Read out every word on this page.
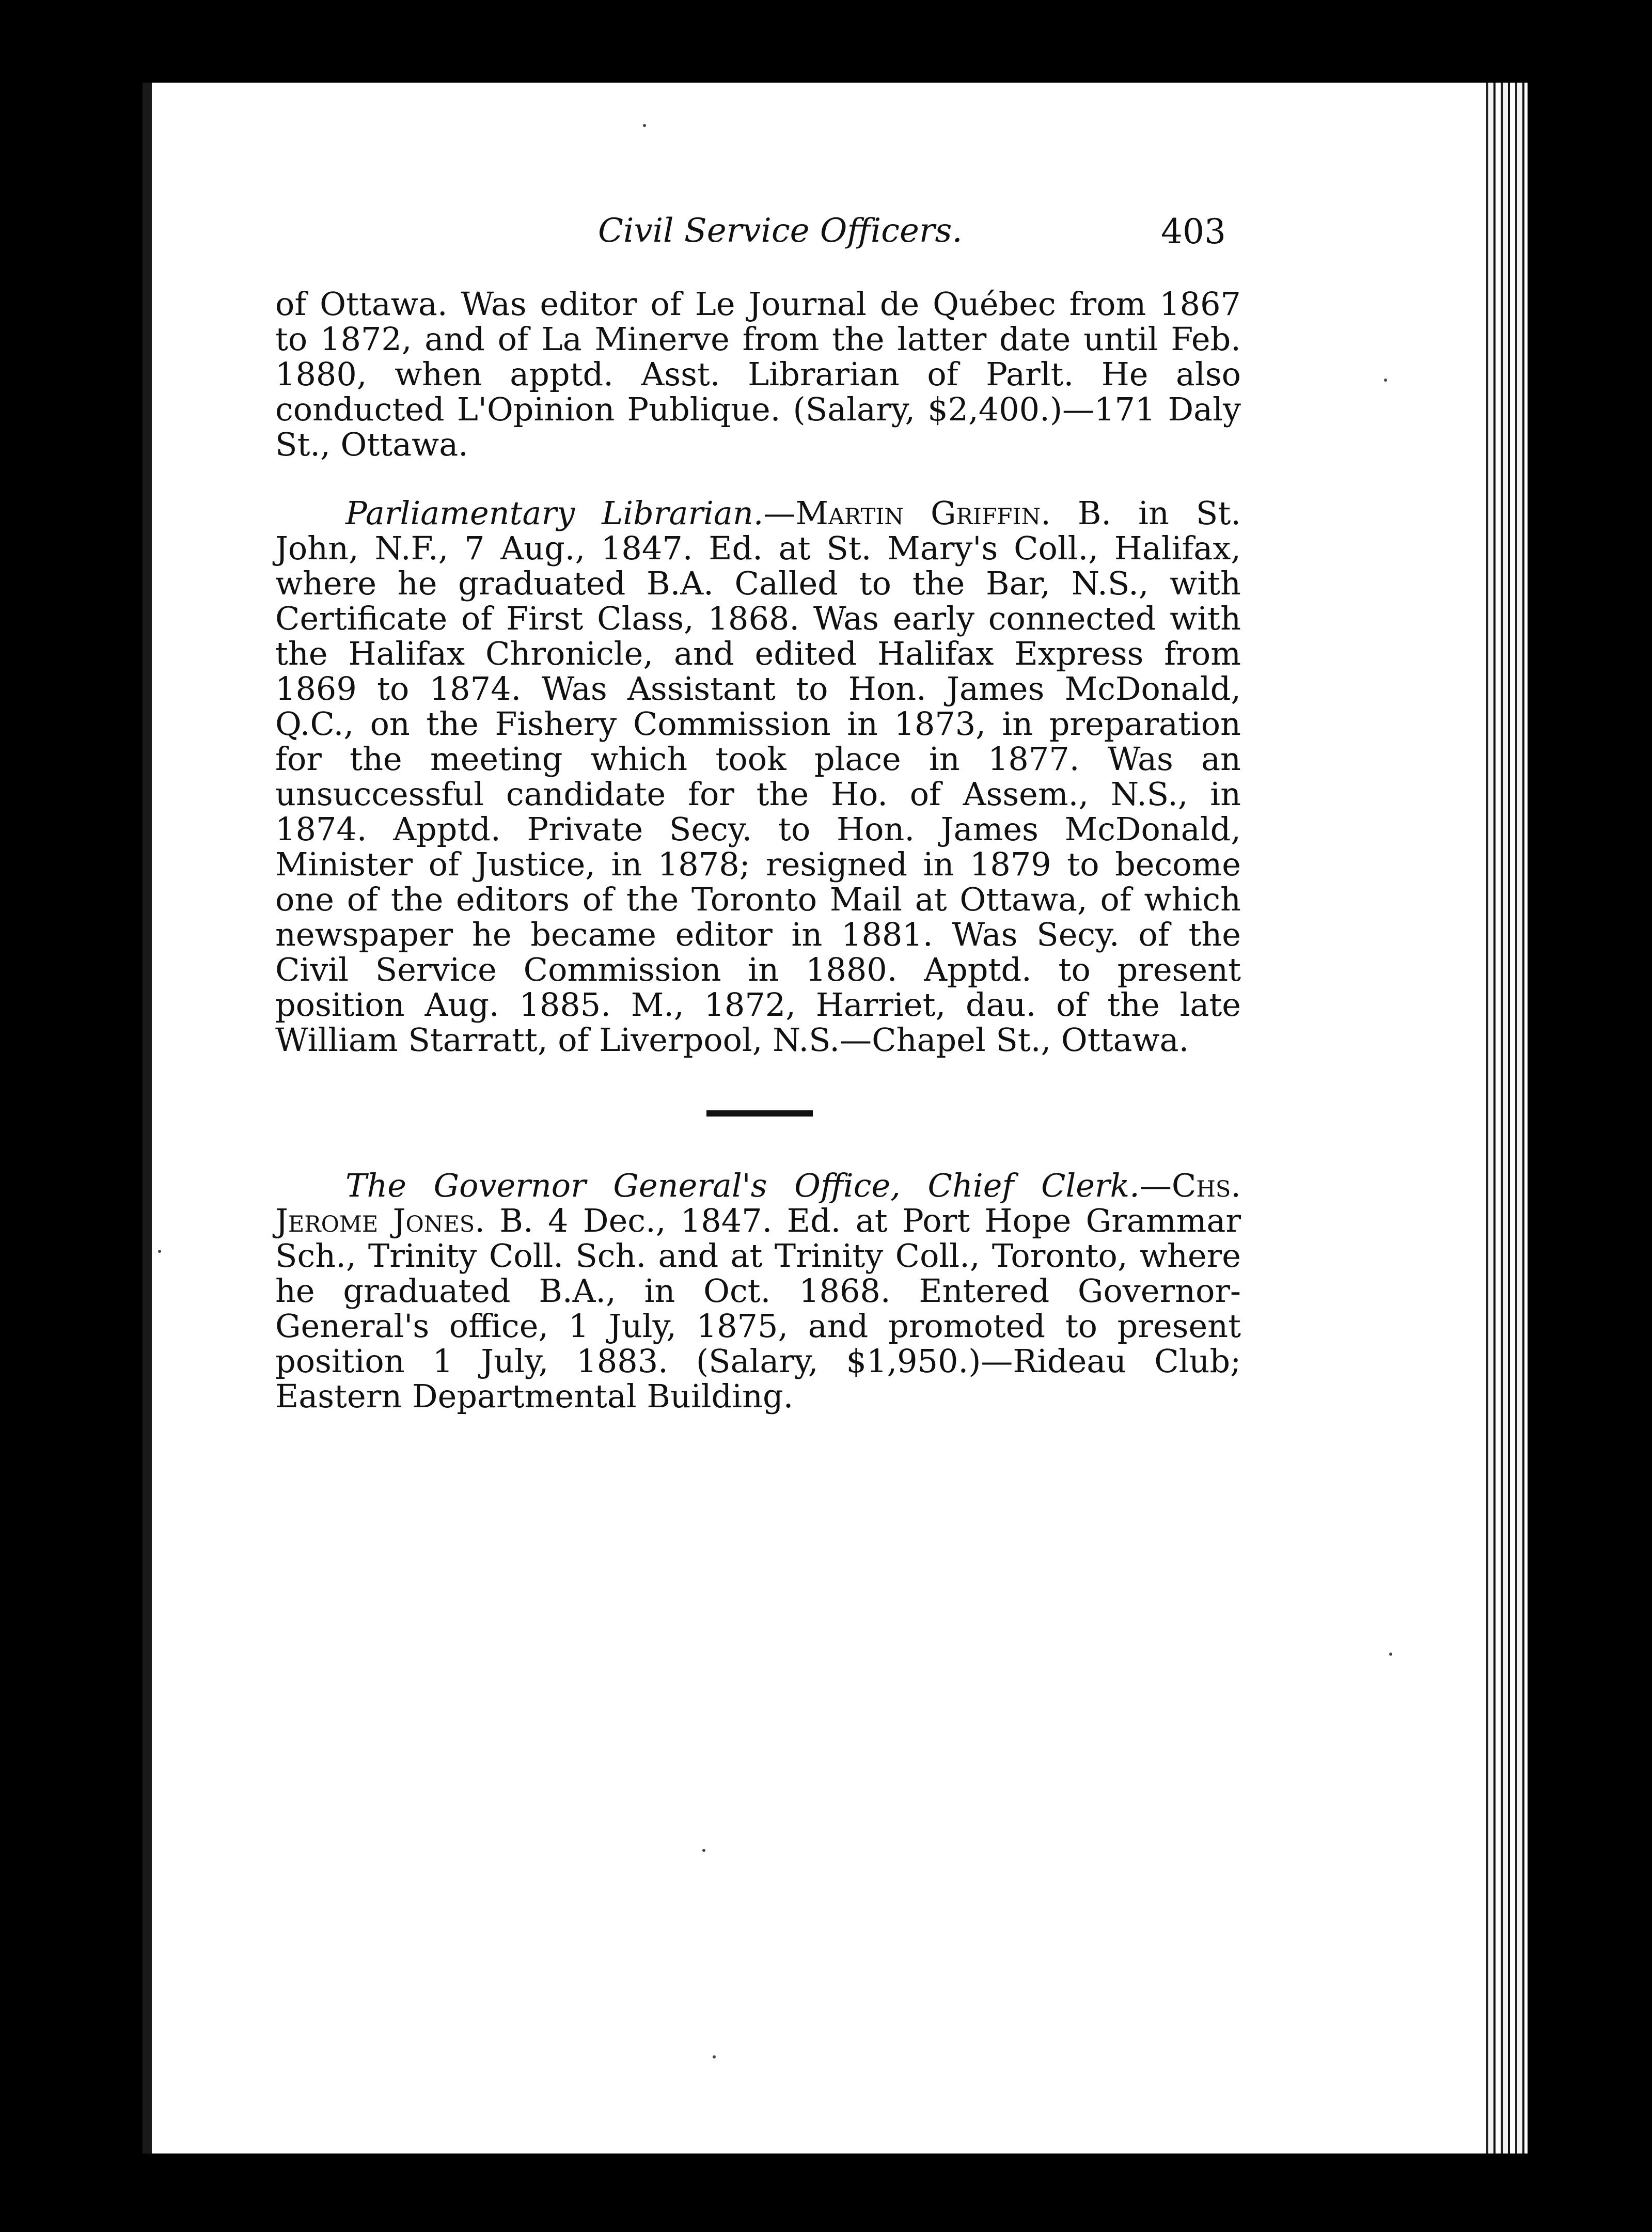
Civil Service Officers.	403

of Ottawa. Was editor of Le Journal de Québec from 1867 to 1872, and of La Minerve from the latter date until Feb. 1880, when apptd. Asst. Librarian of Parlt. He also conducted L'Opinion Publique. (Salary, $2,400.)—171 Daly St., Ottawa.

Parliamentary Librarian.—Martin Griffin. B. in St. John, N.F., 7 Aug., 1847. Ed. at St. Mary's Coll., Halifax, where he graduated B.A. Called to the Bar, N.S., with Certificate of First Class, 1868. Was early connected with the Halifax Chronicle, and edited Halifax Express from 1869 to 1874. Was Assistant to Hon. James McDonald, Q.C., on the Fishery Commission in 1873, in preparation for the meeting which took place in 1877. Was an unsuccessful candidate for the Ho. of Assem., N.S., in 1874. Apptd. Private Secy. to Hon. James McDonald, Minister of Justice, in 1878; resigned in 1879 to become one of the editors of the Toronto Mail at Ottawa, of which newspaper he became editor in 1881. Was Secy. of the Civil Service Commission in 1880. Apptd. to present position Aug. 1885. M., 1872, Harriet, dau. of the late William Starratt, of Liverpool, N.S.—Chapel St., Ottawa.

The Governor General's Office, Chief Clerk.—Chs. Jerome Jones. B. 4 Dec., 1847. Ed. at Port Hope Grammar Sch., Trinity Coll. Sch. and at Trinity Coll., Toronto, where he graduated B.A., in Oct. 1868. Entered Governor-General's office, 1 July, 1875, and promoted to present position 1 July, 1883. (Salary, $1,950.)—Rideau Club; Eastern Departmental Building.
